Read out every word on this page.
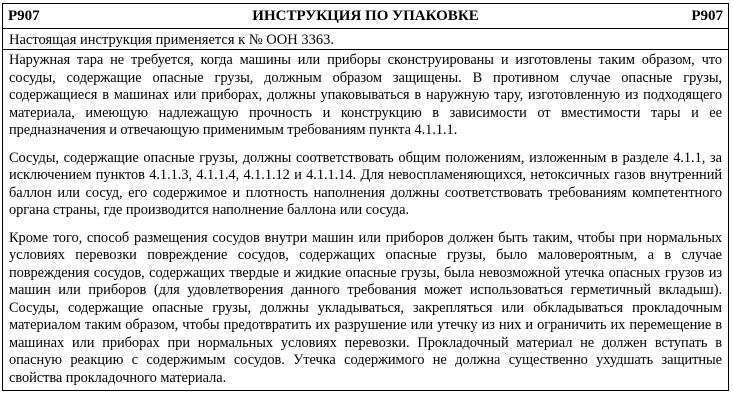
P907	ИНСТРУКЦИЯ ПО УПАКОВКЕ	P907
Настоящая инструкция применяется к № ООН 3363.

Наружная тара не требуется, когда машины или приборы сконструированы и изготовлены таким образом, что сосуды, содержащие опасные грузы, должным образом защищены. В противном случае опасные грузы, содержащиеся в машинах или приборах, должны упаковываться в наружную тару, изготовленную из подходящего материала, имеющую надлежащую прочность и конструкцию в зависимости от вместимости тары и ее предназначения и отвечающую применимым требованиям пункта 4.1.1.1.

Сосуды, содержащие опасные грузы, должны соответствовать общим положениям, изложенным в разделе 4.1.1, за исключением пунктов 4.1.1.3, 4.1.1.4, 4.1.1.12 и 4.1.1.14. Для невоспламеняющихся, нетоксичных газов внутренний баллон или сосуд, его содержимое и плотность наполнения должны соответствовать требованиям компетентного органа страны, где производится наполнение баллона или сосуда.

Кроме того, способ размещения сосудов внутри машин или приборов должен быть таким, чтобы при нормальных условиях перевозки повреждение сосудов, содержащих опасные грузы, было маловероятным, а в случае повреждения сосудов, содержащих твердые и жидкие опасные грузы, была невозможной утечка опасных грузов из машин или приборов (для удовлетворения данного требования может использоваться герметичный вкладыш). Сосуды, содержащие опасные грузы, должны укладываться, закрепляться или обкладываться прокладочным материалом таким образом, чтобы предотвратить их разрушение или утечку из них и ограничить их перемещение в машинах или приборах при нормальных условиях перевозки. Прокладочный материал не должен вступать в опасную реакцию с содержимым сосудов. Утечка содержимого не должна существенно ухудшать защитные свойства прокладочного материала.
